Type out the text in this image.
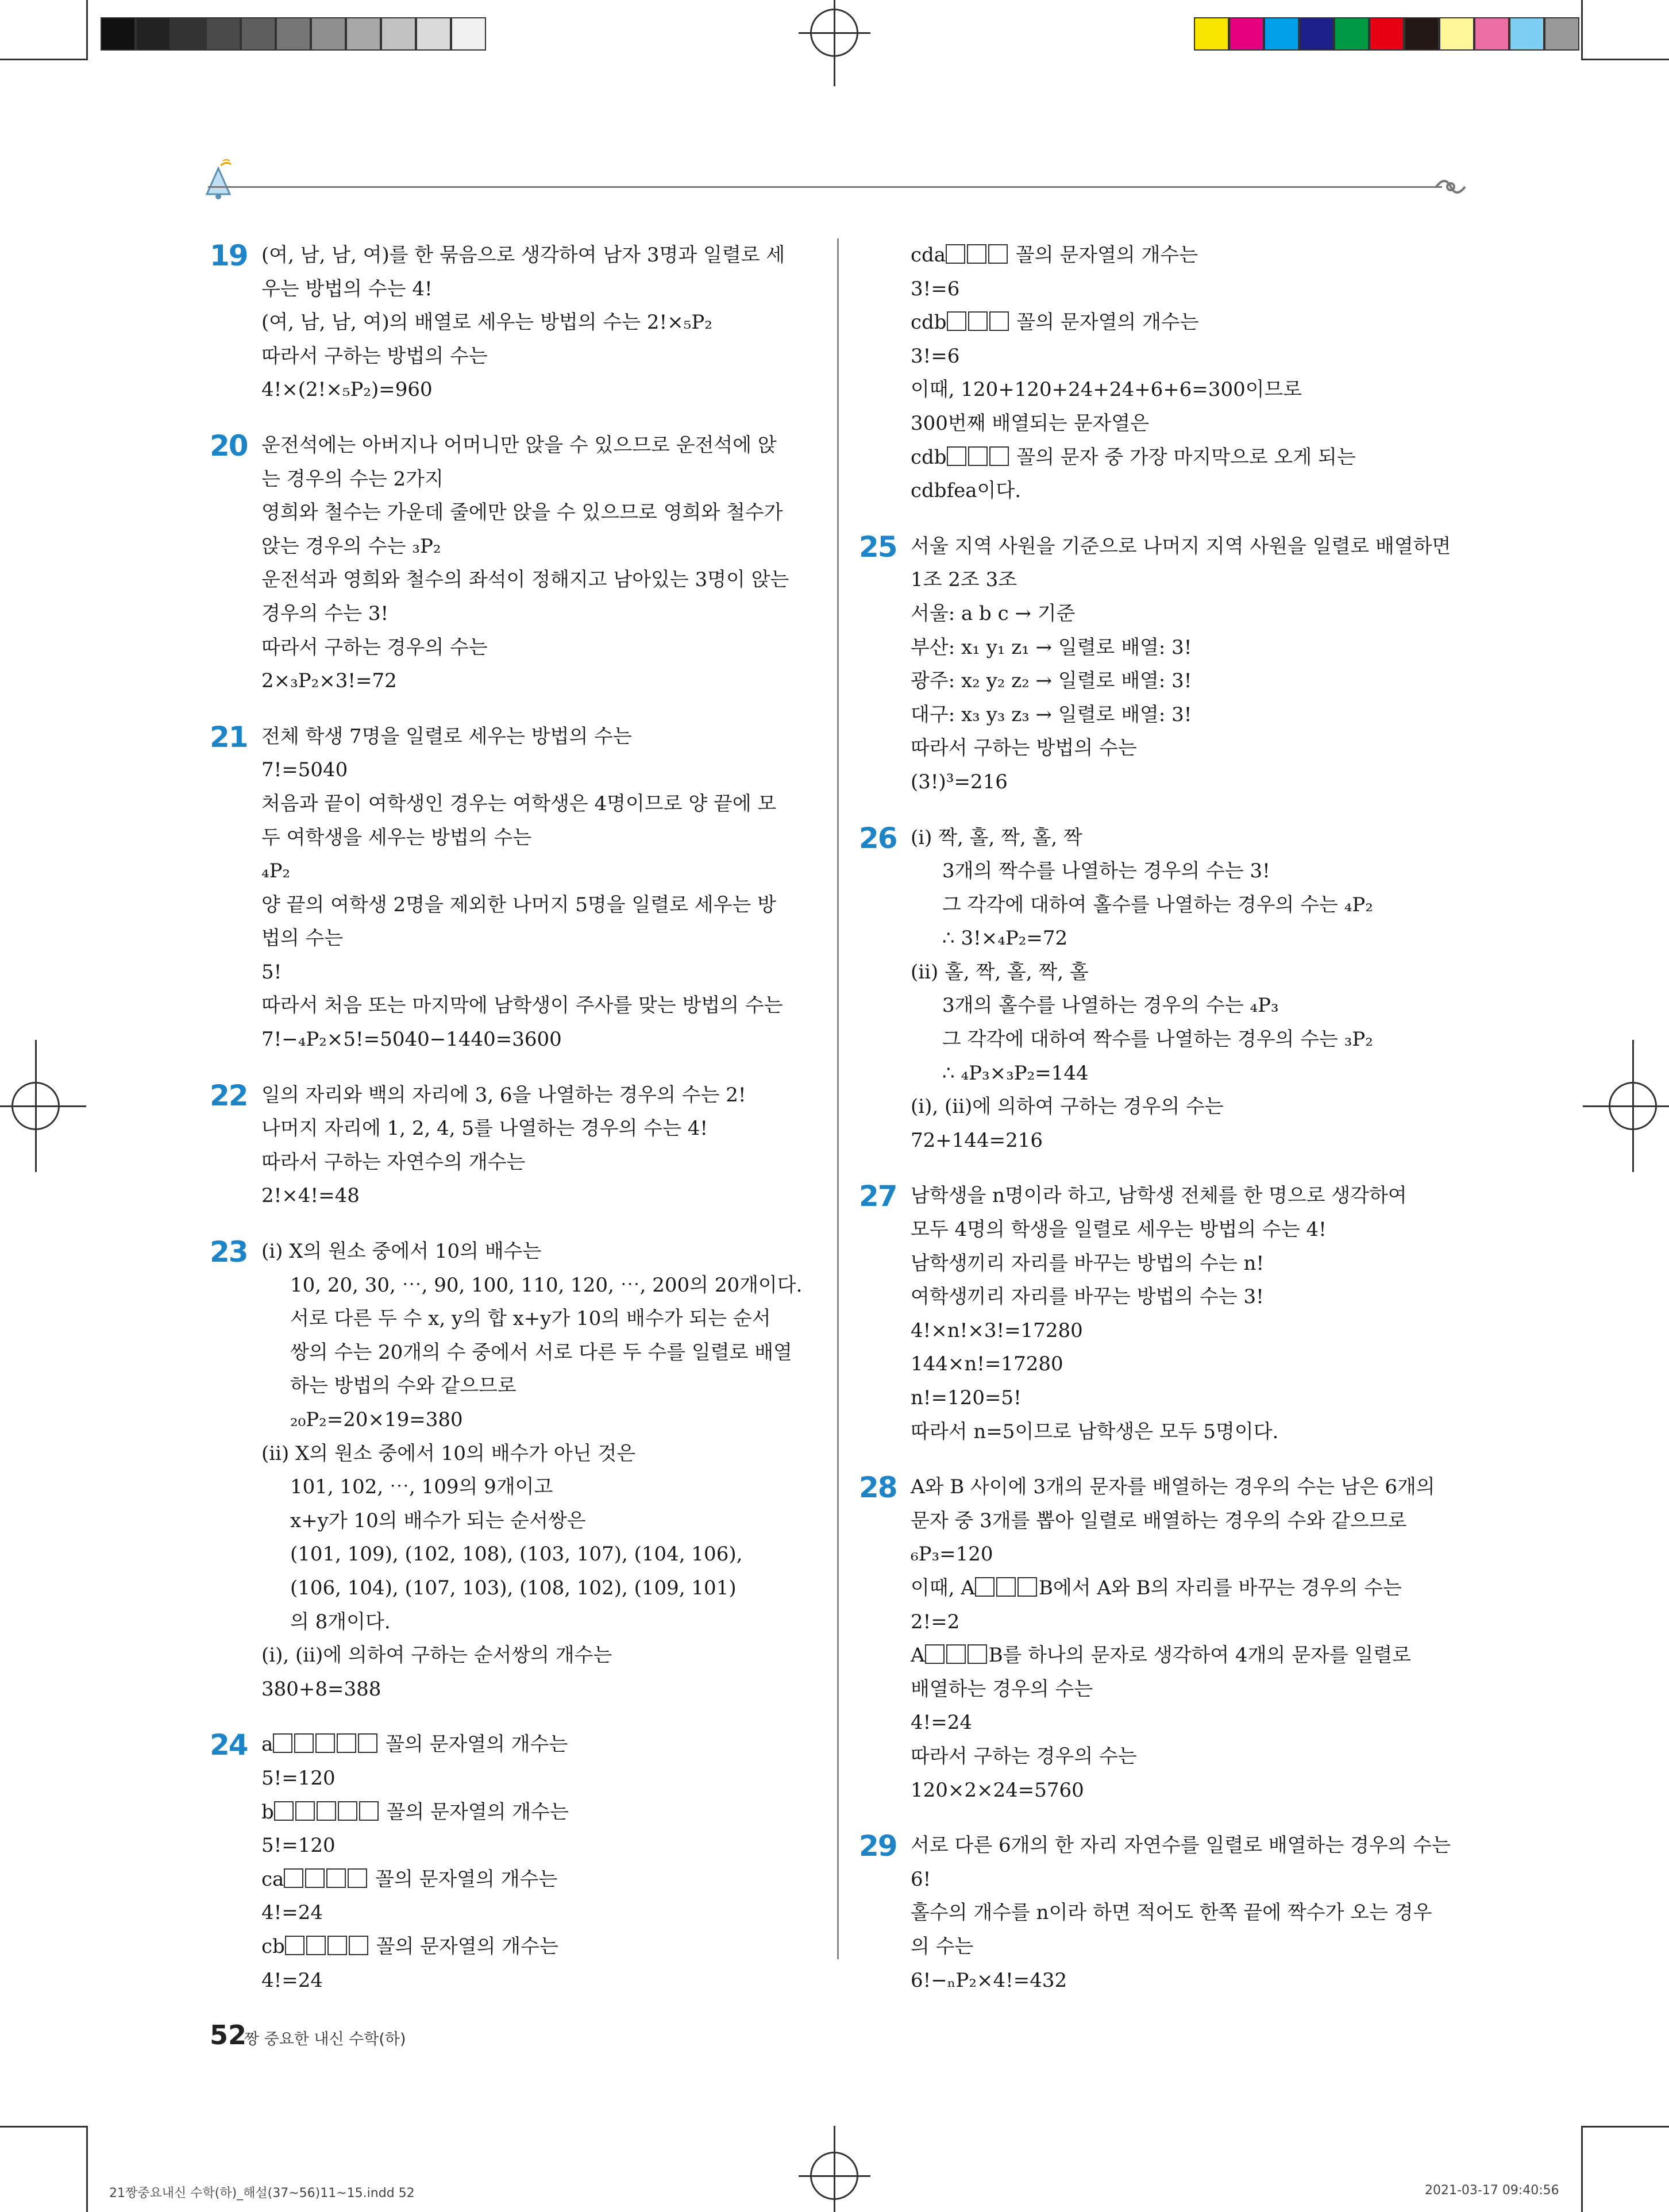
19 (여, 남, 남, 여)를 한 묶음으로 생각하여 남자 3명과 일렬로 세
우는 방법의 수는 4!
(여, 남, 남, 여)의 배열로 세우는 방법의 수는 2!×₅P₂
따라서 구하는 방법의 수는
4!×(2!×₅P₂)=960
20 운전석에는 아버지나 어머니만 앉을 수 있으므로 운전석에 앉
는 경우의 수는 2가지
영희와 철수는 가운데 줄에만 앉을 수 있으므로 영희와 철수가
앉는 경우의 수는 ₃P₂
운전석과 영희와 철수의 좌석이 정해지고 남아있는 3명이 앉는
경우의 수는 3!
따라서 구하는 경우의 수는
2×₃P₂×3!=72
21 전체 학생 7명을 일렬로 세우는 방법의 수는
7!=5040
처음과 끝이 여학생인 경우는 여학생은 4명이므로 양 끝에 모
두 여학생을 세우는 방법의 수는
₄P₂
양 끝의 여학생 2명을 제외한 나머지 5명을 일렬로 세우는 방
법의 수는
5!
따라서 처음 또는 마지막에 남학생이 주사를 맞는 방법의 수는
7!−₄P₂×5!=5040−1440=3600
22 일의 자리와 백의 자리에 3, 6을 나열하는 경우의 수는 2!
나머지 자리에 1, 2, 4, 5를 나열하는 경우의 수는 4!
따라서 구하는 자연수의 개수는
2!×4!=48
23 (ⅰ) X의 원소 중에서 10의 배수는
10, 20, 30, ⋯, 90, 100, 110, 120, ⋯, 200의 20개이다.
서로 다른 두 수 x, y의 합 x+y가 10의 배수가 되는 순서
쌍의 수는 20개의 수 중에서 서로 다른 두 수를 일렬로 배열
하는 방법의 수와 같으므로
₂₀P₂=20×19=380
(ⅱ) X의 원소 중에서 10의 배수가 아닌 것은
101, 102, ⋯, 109의 9개이고
x+y가 10의 배수가 되는 순서쌍은
(101, 109), (102, 108), (103, 107), (104, 106),
(106, 104), (107, 103), (108, 102), (109, 101)
의 8개이다.
(ⅰ), (ⅱ)에 의하여 구하는 순서쌍의 개수는
380+8=388
24 a	꼴의 문자열의 개수는
5!=120
b	꼴의 문자열의 개수는
5!=120
ca	꼴의 문자열의 개수는
4!=24
cb	꼴의 문자열의 개수는
4!=24
cda	꼴의 문자열의 개수는
3!=6
cdb	꼴의 문자열의 개수는
3!=6
이때, 120+120+24+24+6+6=300이므로
300번째 배열되는 문자열은
cdb	꼴의 문자 중 가장 마지막으로 오게 되는
cdbfea이다.
25 서울 지역 사원을 기준으로 나머지 지역 사원을 일렬로 배열하면
1조 2조 3조
서울: a b c → 기준
부산: x₁ y₁ z₁ → 일렬로 배열: 3!
광주: x₂ y₂ z₂ → 일렬로 배열: 3!
대구: x₃ y₃ z₃ → 일렬로 배열: 3!
따라서 구하는 방법의 수는
(3!)³=216
26 (ⅰ) 짝, 홀, 짝, 홀, 짝
3개의 짝수를 나열하는 경우의 수는 3!
그 각각에 대하여 홀수를 나열하는 경우의 수는 ₄P₂
∴ 3!×₄P₂=72
(ⅱ) 홀, 짝, 홀, 짝, 홀
3개의 홀수를 나열하는 경우의 수는 ₄P₃
그 각각에 대하여 짝수를 나열하는 경우의 수는 ₃P₂
∴ ₄P₃×₃P₂=144
(ⅰ), (ⅱ)에 의하여 구하는 경우의 수는
72+144=216
27 남학생을 n명이라 하고, 남학생 전체를 한 명으로 생각하여
모두 4명의 학생을 일렬로 세우는 방법의 수는 4!
남학생끼리 자리를 바꾸는 방법의 수는 n!
여학생끼리 자리를 바꾸는 방법의 수는 3!
4!×n!×3!=17280
144×n!=17280
n!=120=5!
따라서 n=5이므로 남학생은 모두 5명이다.
28 A와 B 사이에 3개의 문자를 배열하는 경우의 수는 남은 6개의
문자 중 3개를 뽑아 일렬로 배열하는 경우의 수와 같으므로
₆P₃=120
이때, A	B에서 A와 B의 자리를 바꾸는 경우의 수는
2!=2
A	B를 하나의 문자로 생각하여 4개의 문자를 일렬로
배열하는 경우의 수는
4!=24
따라서 구하는 경우의 수는
120×2×24=5760
29 서로 다른 6개의 한 자리 자연수를 일렬로 배열하는 경우의 수는
6!
홀수의 개수를 n이라 하면 적어도 한쪽 끝에 짝수가 오는 경우
의 수는
6!−ₙP₂×4!=432
52
짱 중요한 내신 수학(하)
21짱중요내신 수학(하)_해설(37~56)11~15.indd 52	2021-03-17 09:40:56
